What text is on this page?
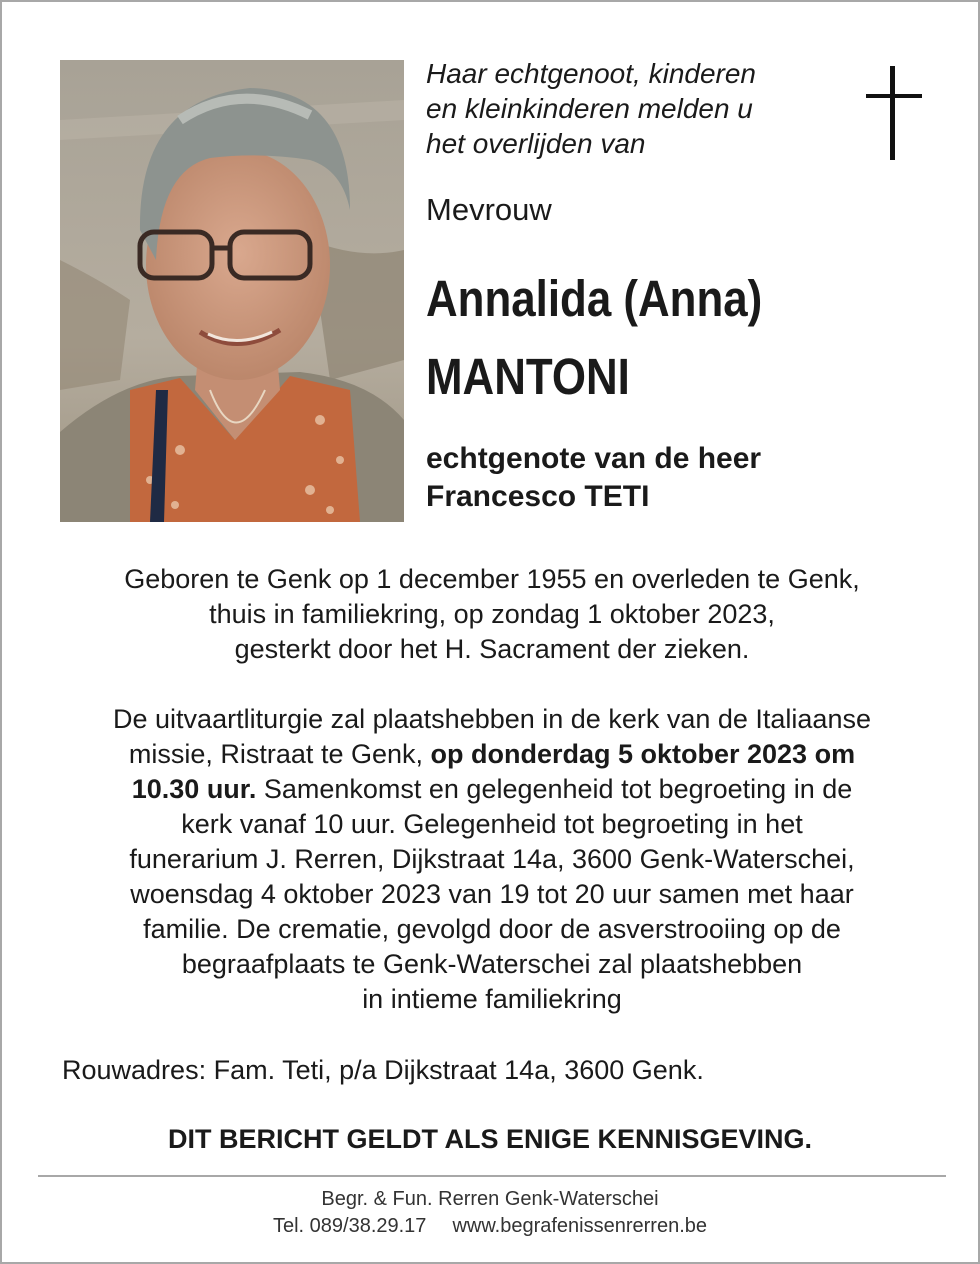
Haar echtgenoot, kinderen
en kleinkinderen melden u
het overlijden van
Mevrouw
Annalida (Anna)
MANTONI
echtgenote van de heer
Francesco TETI
Geboren te Genk op 1 december 1955 en overleden te Genk,
thuis in familiekring, op zondag 1 oktober 2023,
gesterkt door het H. Sacrament der zieken.
De uitvaartliturgie zal plaatshebben in de kerk van de Italiaanse
missie, Ristraat te Genk, op donderdag 5 oktober 2023 om
10.30 uur. Samenkomst en gelegenheid tot begroeting in de
kerk vanaf 10 uur. Gelegenheid tot begroeting in het
funerarium J. Rerren, Dijkstraat 14a, 3600 Genk-Waterschei,
woensdag 4 oktober 2023 van 19 tot 20 uur samen met haar
familie. De crematie, gevolgd door de asverstrooiing op de
begraafplaats te Genk-Waterschei zal plaatshebben
in intieme familiekring
Rouwadres: Fam. Teti, p/a Dijkstraat 14a, 3600 Genk.
DIT BERICHT GELDT ALS ENIGE KENNISGEVING.
Begr. & Fun. Rerren Genk-Waterschei
Tel. 089/38.29.17 www.begrafenissenrerren.be
